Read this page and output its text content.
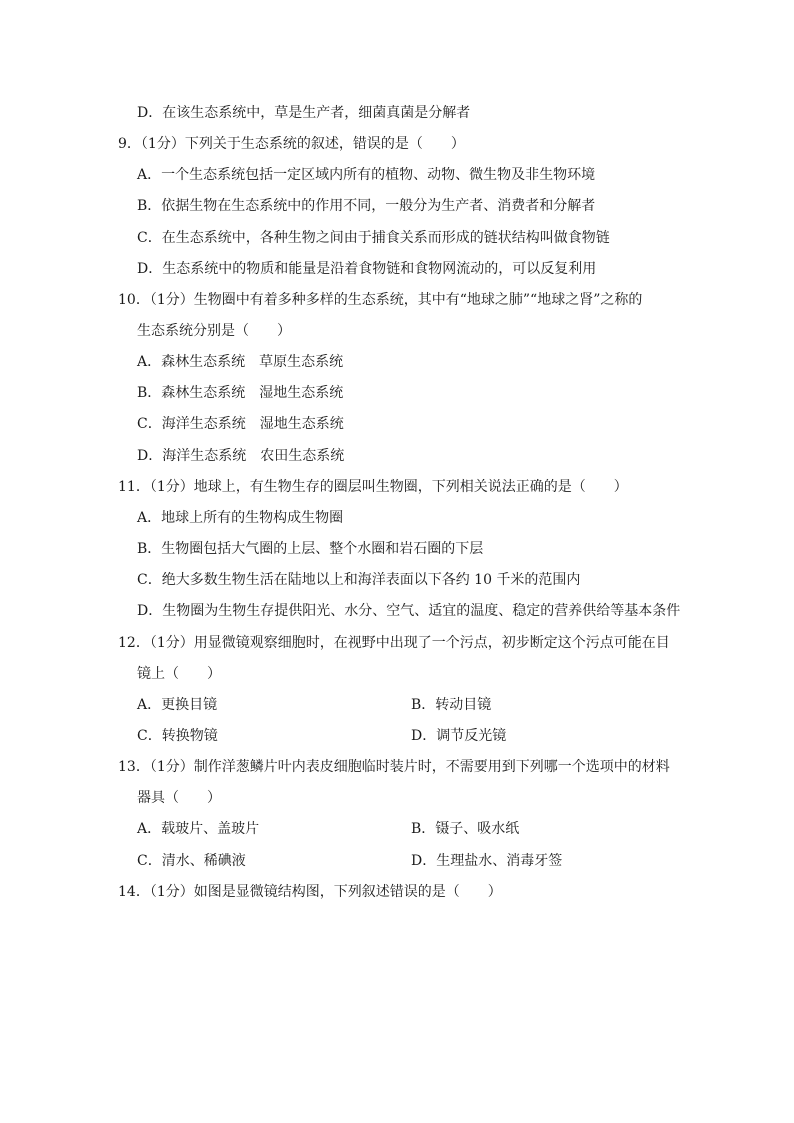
D．在该生态系统中，草是生产者，细菌真菌是分解者
9．（1分）下列关于生态系统的叙述，错误的是（　　）
A．一个生态系统包括一定区域内所有的植物、动物、微生物及非生物环境
B．依据生物在生态系统中的作用不同，一般分为生产者、消费者和分解者
C．在生态系统中，各种生物之间由于捕食关系而形成的链状结构叫做食物链
D．生态系统中的物质和能量是沿着食物链和食物网流动的，可以反复利用
10．（1分）生物圈中有着多种多样的生态系统，其中有“地球之肺”“地球之肾”之称的
生态系统分别是（　　）
A．森林生态系统　草原生态系统
B．森林生态系统　湿地生态系统
C．海洋生态系统　湿地生态系统
D．海洋生态系统　农田生态系统
11．（1分）地球上，有生物生存的圈层叫生物圈，下列相关说法正确的是（　　）
A．地球上所有的生物构成生物圈
B．生物圈包括大气圈的上层、整个水圈和岩石圈的下层
C．绝大多数生物生活在陆地以上和海洋表面以下各约 10 千米的范围内
D．生物圈为生物生存提供阳光、水分、空气、适宜的温度、稳定的营养供给等基本条件
12．（1分）用显微镜观察细胞时，在视野中出现了一个污点，初步断定这个污点可能在目
镜上（　　）
A．更换目镜	B．转动目镜
C．转换物镜	D．调节反光镜
13．（1分）制作洋葱鳞片叶内表皮细胞临时装片时，不需要用到下列哪一个选项中的材料
器具（　　）
A．载玻片、盖玻片	B．镊子、吸水纸
C．清水、稀碘液	D．生理盐水、消毒牙签
14．（1分）如图是显微镜结构图，下列叙述错误的是（　　）
